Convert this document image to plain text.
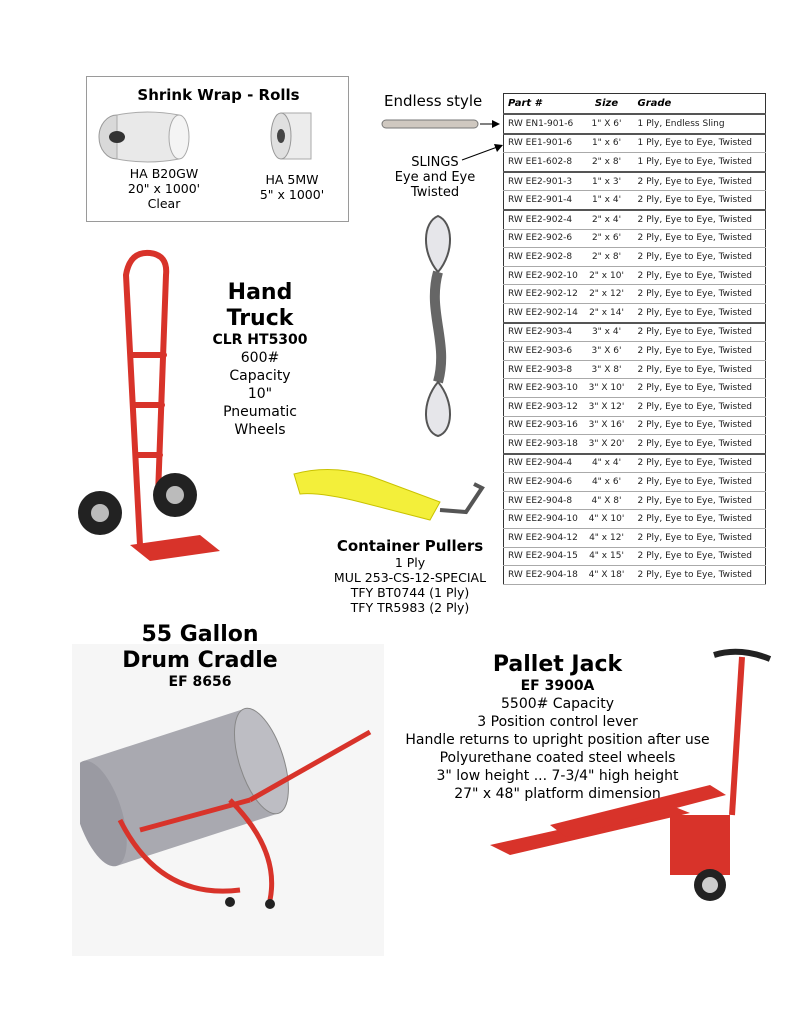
Shrink Wrap - Rolls
HA B20GW
20" x 1000'
Clear
HA 5MW
5" x 1000'
Endless style
SLINGS
Eye and Eye
Twisted
Part #	Size	Grade
RW EN1-901-6	1" X 6'	1 Ply, Endless Sling
RW EE1-901-6	1" x 6'	1 Ply, Eye to Eye, Twisted
RW EE1-602-8	2" x 8'	1 Ply, Eye to Eye, Twisted
RW EE2-901-3	1" x 3'	2 Ply, Eye to Eye, Twisted
RW EE2-901-4	1" x 4'	2 Ply, Eye to Eye, Twisted
RW EE2-902-4	2" x 4'	2 Ply, Eye to Eye, Twisted
RW EE2-902-6	2" x 6'	2 Ply, Eye to Eye, Twisted
RW EE2-902-8	2" x 8'	2 Ply, Eye to Eye, Twisted
RW EE2-902-10	2" x 10'	2 Ply, Eye to Eye, Twisted
RW EE2-902-12	2" x 12'	2 Ply, Eye to Eye, Twisted
RW EE2-902-14	2" x 14'	2 Ply, Eye to Eye, Twisted
RW EE2-903-4	3" x 4'	2 Ply, Eye to Eye, Twisted
RW EE2-903-6	3" X 6'	2 Ply, Eye to Eye, Twisted
RW EE2-903-8	3" X 8'	2 Ply, Eye to Eye, Twisted
RW EE2-903-10	3" X 10'	2 Ply, Eye to Eye, Twisted
RW EE2-903-12	3" X 12'	2 Ply, Eye to Eye, Twisted
RW EE2-903-16	3" X 16'	2 Ply, Eye to Eye, Twisted
RW EE2-903-18	3" X 20'	2 Ply, Eye to Eye, Twisted
RW EE2-904-4	4" x 4'	2 Ply, Eye to Eye, Twisted
RW EE2-904-6	4" x 6'	2 Ply, Eye to Eye, Twisted
RW EE2-904-8	4" X 8'	2 Ply, Eye to Eye, Twisted
RW EE2-904-10	4" X 10'	2 Ply, Eye to Eye, Twisted
RW EE2-904-12	4" x 12'	2 Ply, Eye to Eye, Twisted
RW EE2-904-15	4" x 15'	2 Ply, Eye to Eye, Twisted
RW EE2-904-18	4" X 18'	2 Ply, Eye to Eye, Twisted
Hand
Truck
CLR HT5300
600#
Capacity
10"
Pneumatic
Wheels
Container Pullers
1 Ply
MUL 253-CS-12-SPECIAL
TFY BT0744 (1 Ply)
TFY TR5983 (2 Ply)
55 Gallon
Drum Cradle
EF 8656
Pallet Jack
EF 3900A
5500# Capacity
3 Position control lever
Handle returns to upright position after use
Polyurethane coated steel wheels
3" low height ... 7-3/4" high height
27" x 48" platform dimension
